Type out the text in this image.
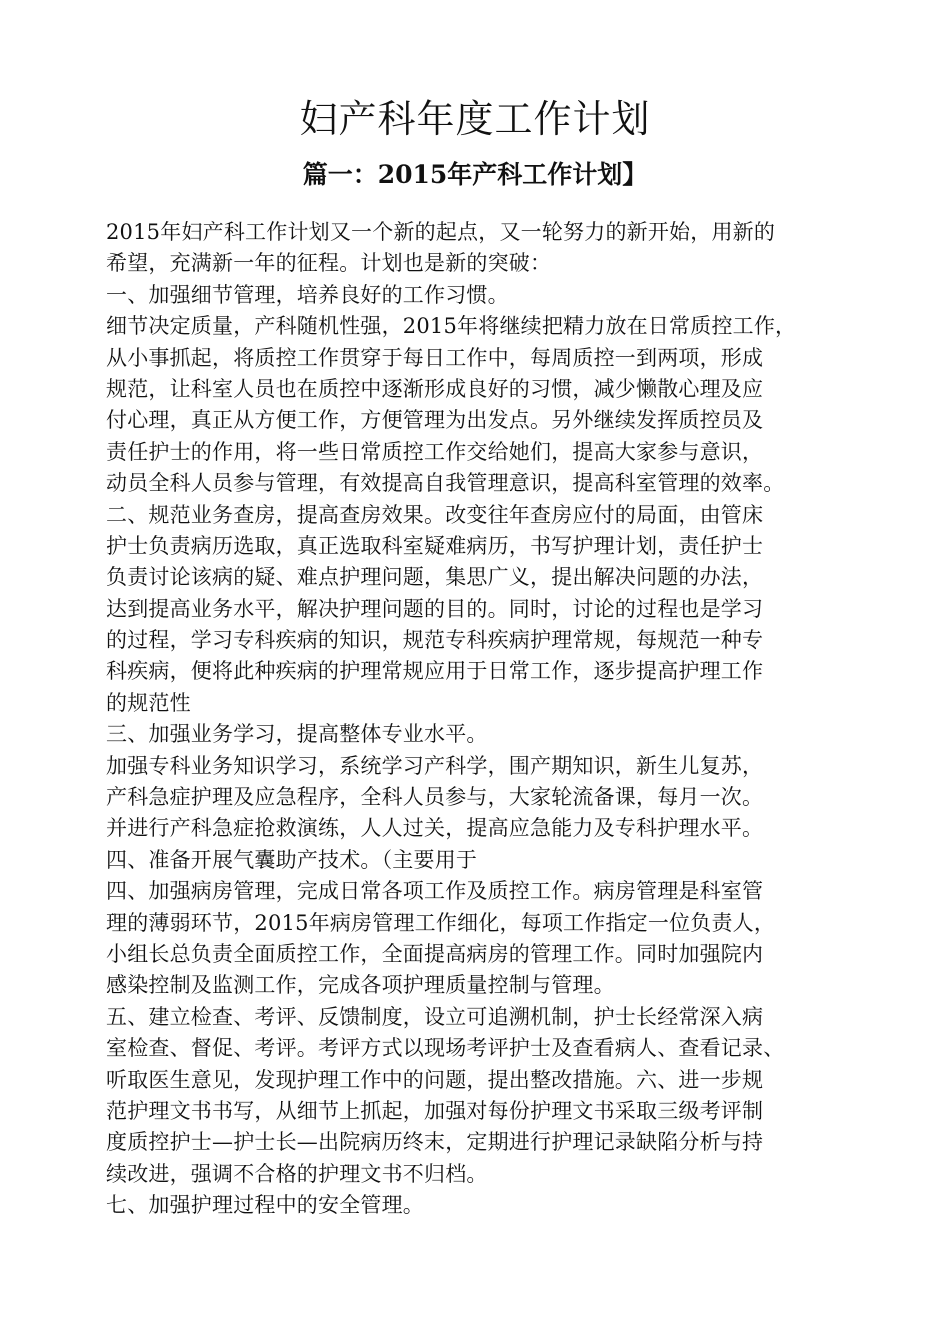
妇产科年度工作计划
篇一：2015年产科工作计划】
2015年妇产科工作计划又一个新的起点，又一轮努力的新开始，用新的
希望，充满新一年的征程。计划也是新的突破：
一、加强细节管理，培养良好的工作习惯。
细节决定质量，产科随机性强，2015年将继续把精力放在日常质控工作，
从小事抓起，将质控工作贯穿于每日工作中，每周质控一到两项，形成
规范，让科室人员也在质控中逐渐形成良好的习惯，减少懒散心理及应
付心理，真正从方便工作，方便管理为出发点。另外继续发挥质控员及
责任护士的作用，将一些日常质控工作交给她们，提高大家参与意识，
动员全科人员参与管理，有效提高自我管理意识，提高科室管理的效率。
二、规范业务查房，提高查房效果。改变往年查房应付的局面，由管床
护士负责病历选取，真正选取科室疑难病历，书写护理计划，责任护士
负责讨论该病的疑、难点护理问题，集思广义，提出解决问题的办法，
达到提高业务水平，解决护理问题的目的。同时，讨论的过程也是学习
的过程，学习专科疾病的知识，规范专科疾病护理常规，每规范一种专
科疾病，便将此种疾病的护理常规应用于日常工作，逐步提高护理工作
的规范性
三、加强业务学习，提高整体专业水平。
加强专科业务知识学习，系统学习产科学，围产期知识，新生儿复苏，
产科急症护理及应急程序，全科人员参与，大家轮流备课，每月一次。
并进行产科急症抢救演练，人人过关，提高应急能力及专科护理水平。
四、准备开展气囊助产技术。（主要用于
四、加强病房管理，完成日常各项工作及质控工作。病房管理是科室管
理的薄弱环节，2015年病房管理工作细化，每项工作指定一位负责人，
小组长总负责全面质控工作，全面提高病房的管理工作。同时加强院内
感染控制及监测工作，完成各项护理质量控制与管理。
五、建立检查、考评、反馈制度，设立可追溯机制，护士长经常深入病
室检查、督促、考评。考评方式以现场考评护士及查看病人、查看记录、
听取医生意见，发现护理工作中的问题，提出整改措施。六、进一步规
范护理文书书写，从细节上抓起，加强对每份护理文书采取三级考评制
度质控护士—护士长—出院病历终末，定期进行护理记录缺陷分析与持
续改进，强调不合格的护理文书不归档。
七、加强护理过程中的安全管理。
